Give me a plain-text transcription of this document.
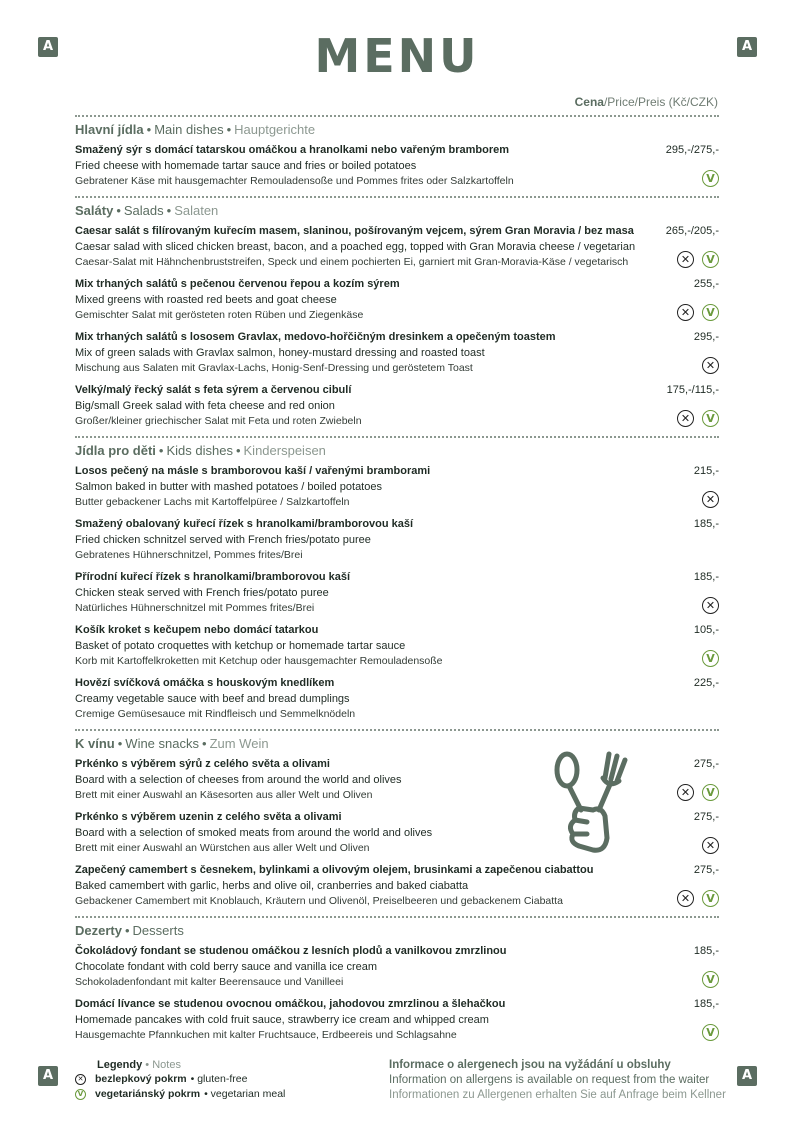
A	A
A	A
MENU
Cena/Price/Preis (Kč/CZK)
Hlavní jídla • Main dishes • Hauptgerichte
Smažený sýr s domácí tatarskou omáčkou a hranolkami nebo vařeným bramborem
Fried cheese with homemade tartar sauce and fries or boiled potatoes
Gebratener Käse mit hausgemachter Remouladensoße und Pommes frites oder Salzkartoffeln
295,-/275,-
V
Saláty • Salads • Salaten
Caesar salát s filírovaným kuřecím masem, slaninou, pošírovaným vejcem, sýrem Gran Moravia / bez masa
Caesar salad with sliced chicken breast, bacon, and a poached egg, topped with Gran Moravia cheese / vegetarian
Caesar-Salat mit Hähnchenbruststreifen, Speck und einem pochierten Ei, garniert mit Gran-Moravia-Käse / vegetarisch
265,-/205,-
✕	V
Mix trhaných salátů s pečenou červenou řepou a kozím sýrem
Mixed greens with roasted red beets and goat cheese
Gemischter Salat mit gerösteten roten Rüben und Ziegenkäse
255,-
✕	V
Mix trhaných salátů s lososem Gravlax, medovo-hořčičným dresinkem a opečeným toastem
Mix of green salads with Gravlax salmon, honey-mustard dressing and roasted toast
Mischung aus Salaten mit Gravlax-Lachs, Honig-Senf-Dressing und geröstetem Toast
295,-
✕
Velký/malý řecký salát s feta sýrem a červenou cibulí
Big/small Greek salad with feta cheese and red onion
Großer/kleiner griechischer Salat mit Feta und roten Zwiebeln
175,-/115,-
✕	V
Jídla pro děti • Kids dishes • Kinderspeisen
Losos pečený na másle s bramborovou kaší / vařenými bramborami
Salmon baked in butter with mashed potatoes / boiled potatoes
Butter gebackener Lachs mit Kartoffelpüree / Salzkartoffeln
215,-
✕
Smažený obalovaný kuřecí řízek s hranolkami/bramborovou kaší
Fried chicken schnitzel served with French fries/potato puree
Gebratenes Hühnerschnitzel, Pommes frites/Brei
185,-
Přírodní kuřecí řízek s hranolkami/bramborovou kaší
Chicken steak served with French fries/potato puree
Natürliches Hühnerschnitzel mit Pommes frites/Brei
185,-
✕
Košík kroket s kečupem nebo domácí tatarkou
Basket of potato croquettes with ketchup or homemade tartar sauce
Korb mit Kartoffelkroketten mit Ketchup oder hausgemachter Remouladensoße
105,-
V
Hovězí svíčková omáčka s houskovým knedlíkem
Creamy vegetable sauce with beef and bread dumplings
Cremige Gemüsesauce mit Rindfleisch und Semmelknödeln
225,-
K vínu • Wine snacks • Zum Wein
Prkénko s výběrem sýrů z celého světa a olivami
Board with a selection of cheeses from around the world and olives
Brett mit einer Auswahl an Käsesorten aus aller Welt und Oliven
275,-
✕	V
Prkénko s výběrem uzenin z celého světa a olivami
Board with a selection of smoked meats from around the world and olives
Brett mit einer Auswahl an Würstchen aus aller Welt und Oliven
275,-
✕
Zapečený camembert s česnekem, bylinkami a olivovým olejem, brusinkami a zapečenou ciabattou
Baked camembert with garlic, herbs and olive oil, cranberries and baked ciabatta
Gebackener Camembert mit Knoblauch, Kräutern und Olivenöl, Preiselbeeren und gebackenem Ciabatta
275,-
✕	V
Dezerty • Desserts
Čokoládový fondant se studenou omáčkou z lesních plodů a vanilkovou zmrzlinou
Chocolate fondant with cold berry sauce and vanilla ice cream
Schokoladenfondant mit kalter Beerensauce und Vanilleei
185,-
V
Domácí lívance se studenou ovocnou omáčkou, jahodovou zmrzlinou a šlehačkou
Homemade pancakes with cold fruit sauce, strawberry ice cream and whipped cream
Hausgemachte Pfannkuchen mit kalter Fruchtsauce, Erdbeereis und Schlagsahne
185,-
V
Legendy • Notes
✕ bezlepkový pokrm • gluten-free
V vegetariánský pokrm • vegetarian meal
Informace o alergenech jsou na vyžádání u obsluhy
Information on allergens is available on request from the waiter
Informationen zu Allergenen erhalten Sie auf Anfrage beim Kellner
